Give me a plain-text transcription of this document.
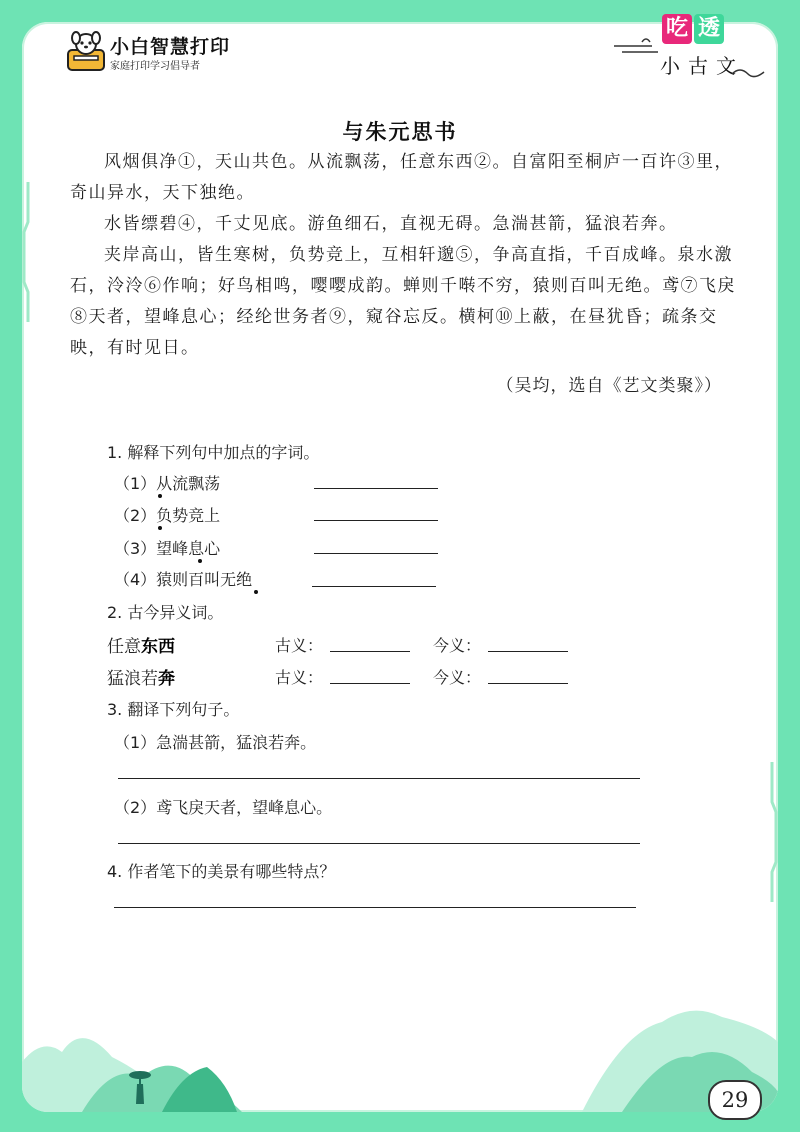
小白智慧打印
家庭打印学习倡导者
吃 透
小古文
与朱元思书
风烟俱净①，天山共色。从流飘荡，任意东西②。自富阳至桐庐一百许③里，奇山异水，天下独绝。
水皆缥碧④，千丈见底。游鱼细石，直视无碍。急湍甚箭，猛浪若奔。
夹岸高山，皆生寒树，负势竞上，互相轩邈⑤，争高直指，千百成峰。泉水激石，泠泠⑥作响；好鸟相鸣，嘤嘤成韵。蝉则千啭不穷，猿则百叫无绝。鸢⑦飞戾⑧天者，望峰息心；经纶世务者⑨，窥谷忘反。横柯⑩上蔽，在昼犹昏；疏条交映，有时见日。
（吴均，选自《艺文类聚》）
1. 解释下列句中加点的字词。
（1）从流飘荡
（2）负势竞上
（3）望峰息心
（4）猿则百叫无绝
2. 古今异义词。
任意东西	古义：	今义：
猛浪若奔	古义：	今义：
3. 翻译下列句子。
（1）急湍甚箭，猛浪若奔。
（2）鸢飞戾天者，望峰息心。
4. 作者笔下的美景有哪些特点？
29
